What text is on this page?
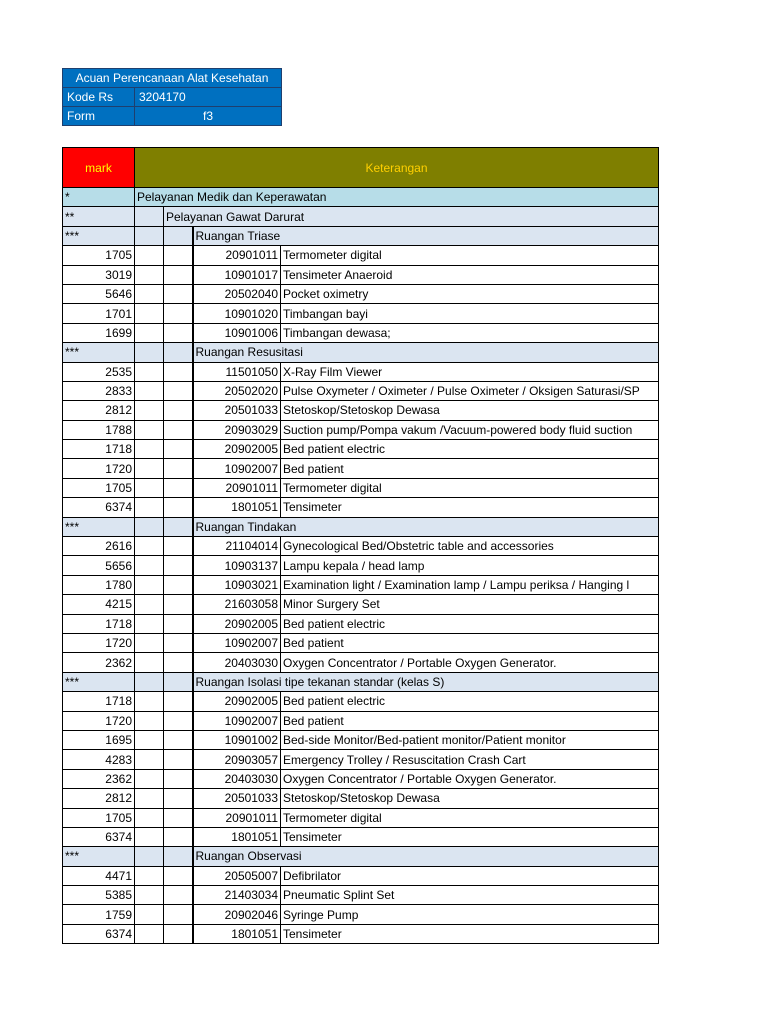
Acuan Perencanaan Alat Kesehatan	
Kode Rs	3204170
Form	f3
mark	Keterangan			
*	Pelayanan Medik dan Keperawatan			
**		Pelayanan Gawat Darurat		
***			Ruangan Triase	
1705			20901011	Termometer digital
3019			10901017	Tensimeter Anaeroid
5646			20502040	Pocket oximetry
1701			10901020	Timbangan bayi
1699			10901006	Timbangan dewasa;
***			Ruangan Resusitasi	
2535			11501050	X-Ray Film Viewer
2833			20502020	Pulse Oxymeter / Oximeter / Pulse Oximeter / Oksigen Saturasi/SP
2812			20501033	Stetoskop/Stetoskop Dewasa
1788			20903029	Suction pump/Pompa vakum /Vacuum-powered body fluid suction
1718			20902005	Bed patient electric
1720			10902007	Bed patient
1705			20901011	Termometer digital
6374			1801051	Tensimeter
***			Ruangan Tindakan	
2616			21104014	Gynecological Bed/Obstetric table and accessories
5656			10903137	Lampu kepala / head lamp
1780			10903021	Examination light / Examination lamp / Lampu periksa / Hanging l
4215			21603058	Minor Surgery Set
1718			20902005	Bed patient electric
1720			10902007	Bed patient
2362			20403030	Oxygen Concentrator / Portable Oxygen Generator.
***			Ruangan Isolasi tipe tekanan standar (kelas S)	
1718			20902005	Bed patient electric
1720			10902007	Bed patient
1695			10901002	Bed-side Monitor/Bed-patient monitor/Patient monitor
4283			20903057	Emergency Trolley / Resuscitation Crash Cart
2362			20403030	Oxygen Concentrator / Portable Oxygen Generator.
2812			20501033	Stetoskop/Stetoskop Dewasa
1705			20901011	Termometer digital
6374			1801051	Tensimeter
***			Ruangan Observasi	
4471			20505007	Defibrilator
5385			21403034	Pneumatic Splint Set
1759			20902046	Syringe Pump
6374			1801051	Tensimeter
